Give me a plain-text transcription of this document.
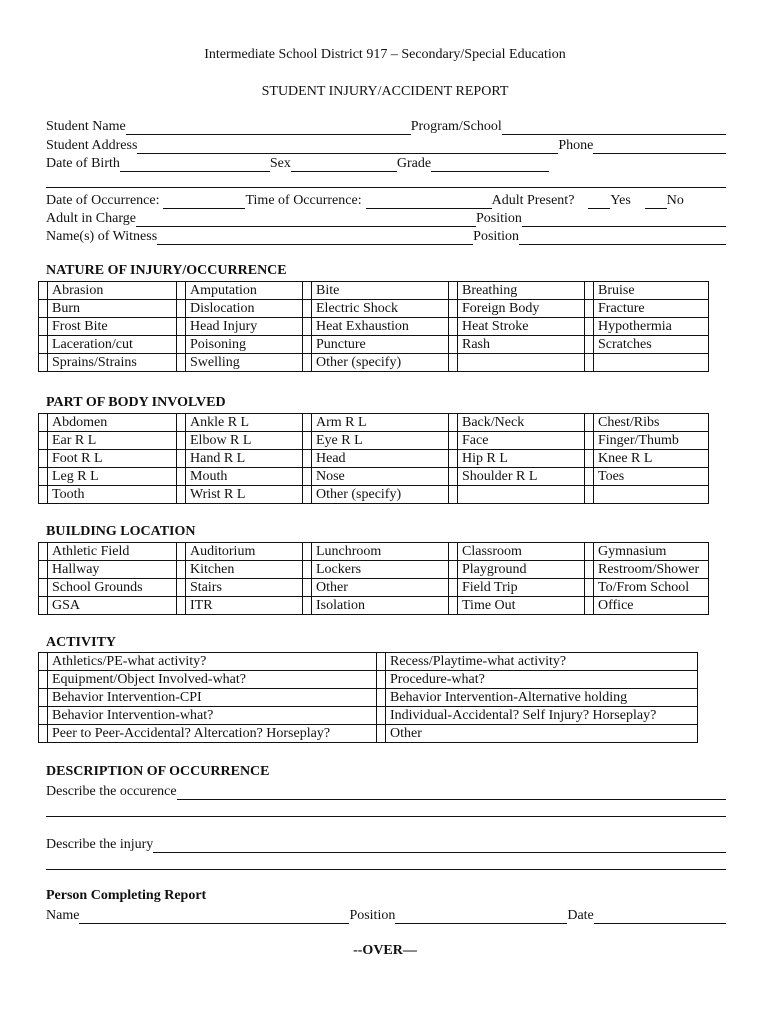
Intermediate School District 917 – Secondary/Special Education
STUDENT INJURY/ACCIDENT REPORT
Student Name	Program/School
Student Address	Phone
Date of Birth	Sex	Grade
Date of Occurrence:	Time of Occurrence:	Adult Present?	Yes	No
Adult in Charge	Position
Name(s) of Witness	Position
NATURE OF INJURY/OCCURRENCE
	Abrasion		Amputation		Bite		Breathing		Bruise
	Burn		Dislocation		Electric Shock		Foreign Body		Fracture
	Frost Bite		Head Injury		Heat Exhaustion		Heat Stroke		Hypothermia
	Laceration/cut		Poisoning		Puncture		Rash		Scratches
	Sprains/Strains		Swelling		Other (specify)				
PART OF BODY INVOLVED
	Abdomen		Ankle R L		Arm R L		Back/Neck		Chest/Ribs
	Ear R L		Elbow R L		Eye R L		Face		Finger/Thumb
	Foot R L		Hand R L		Head		Hip R L		Knee R L
	Leg R L		Mouth		Nose		Shoulder R L		Toes
	Tooth		Wrist R L		Other (specify)				
BUILDING LOCATION
	Athletic Field		Auditorium		Lunchroom		Classroom		Gymnasium
	Hallway		Kitchen		Lockers		Playground		Restroom/Shower
	School Grounds		Stairs		Other		Field Trip		To/From School
	GSA		ITR		Isolation		Time Out		Office
ACTIVITY
	Athletics/PE-what activity?		Recess/Playtime-what activity?
	Equipment/Object Involved-what?		Procedure-what?
	Behavior Intervention-CPI		Behavior Intervention-Alternative holding
	Behavior Intervention-what?		Individual-Accidental? Self Injury? Horseplay?
	Peer to Peer-Accidental? Altercation? Horseplay?		Other
DESCRIPTION OF OCCURRENCE
Describe the occurence
Describe the injury
Person Completing Report
Name	Position	Date
--OVER—
